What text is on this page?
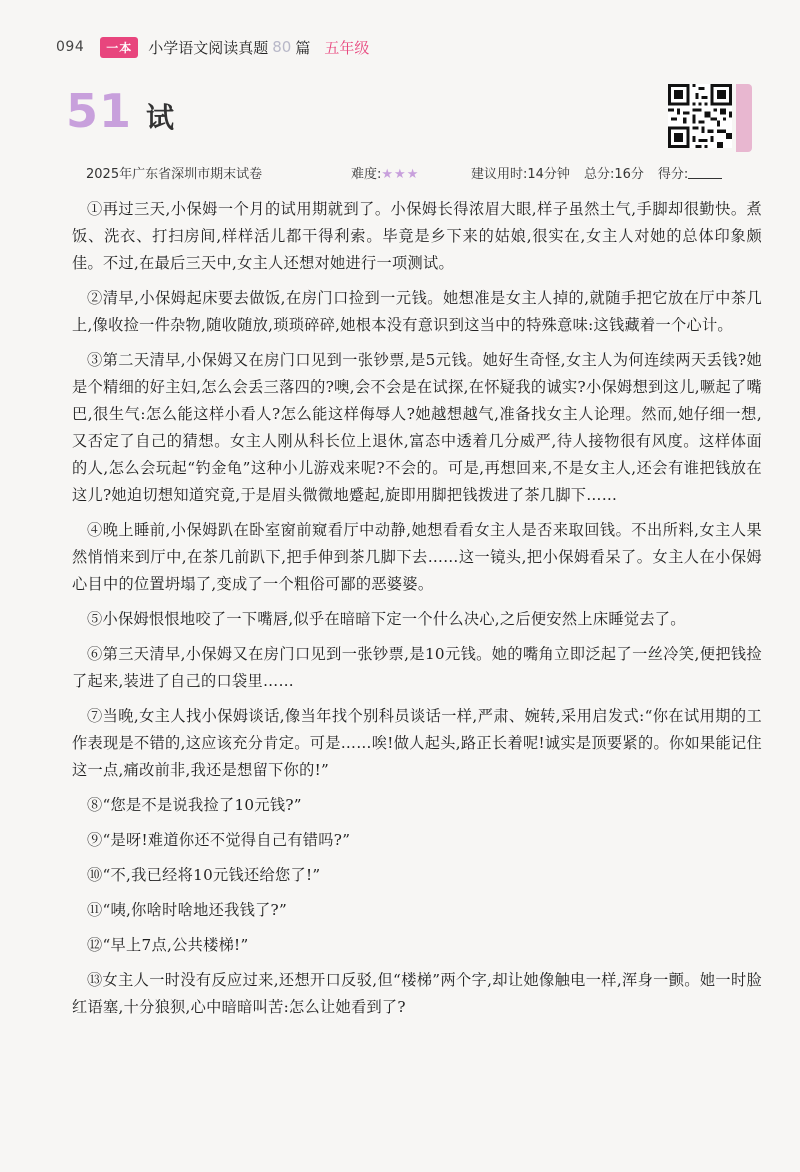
094	一本	小学语文阅读真题 80 篇 五年级
51 试
2025年广东省深圳市期末试卷	难度:★★★	建议用时:14分钟 总分:16分 得分:

①再过三天,小保姆一个月的试用期就到了。小保姆长得浓眉大眼,样子虽然土气,手脚却很勤快。煮饭、洗衣、打扫房间,样样活儿都干得利索。毕竟是乡下来的姑娘,很实在,女主人对她的总体印象颇佳。不过,在最后三天中,女主人还想对她进行一项测试。

②清早,小保姆起床要去做饭,在房门口捡到一元钱。她想准是女主人掉的,就随手把它放在厅中茶几上,像收捡一件杂物,随收随放,琐琐碎碎,她根本没有意识到这当中的特殊意味:这钱藏着一个心计。

③第二天清早,小保姆又在房门口见到一张钞票,是5元钱。她好生奇怪,女主人为何连续两天丢钱?她是个精细的好主妇,怎么会丢三落四的?噢,会不会是在试探,在怀疑我的诚实?小保姆想到这儿,噘起了嘴巴,很生气:怎么能这样小看人?怎么能这样侮辱人?她越想越气,准备找女主人论理。然而,她仔细一想,又否定了自己的猜想。女主人刚从科长位上退休,富态中透着几分威严,待人接物很有风度。这样体面的人,怎么会玩起“钓金龟”这种小儿游戏来呢?不会的。可是,再想回来,不是女主人,还会有谁把钱放在这儿?她迫切想知道究竟,于是眉头微微地蹙起,旋即用脚把钱拨进了茶几脚下……

④晚上睡前,小保姆趴在卧室窗前窥看厅中动静,她想看看女主人是否来取回钱。不出所料,女主人果然悄悄来到厅中,在茶几前趴下,把手伸到茶几脚下去……这一镜头,把小保姆看呆了。女主人在小保姆心目中的位置坍塌了,变成了一个粗俗可鄙的恶婆婆。

⑤小保姆恨恨地咬了一下嘴唇,似乎在暗暗下定一个什么决心,之后便安然上床睡觉去了。

⑥第三天清早,小保姆又在房门口见到一张钞票,是10元钱。她的嘴角立即泛起了一丝冷笑,便把钱捡了起来,装进了自己的口袋里……

⑦当晚,女主人找小保姆谈话,像当年找个别科员谈话一样,严肃、婉转,采用启发式:“你在试用期的工作表现是不错的,这应该充分肯定。可是……唉!做人起头,路正长着呢!诚实是顶要紧的。你如果能记住这一点,痛改前非,我还是想留下你的!”

⑧“您是不是说我捡了10元钱?”

⑨“是呀!难道你还不觉得自己有错吗?”

⑩“不,我已经将10元钱还给您了!”

⑪“咦,你啥时啥地还我钱了?”

⑫“早上7点,公共楼梯!”

⑬女主人一时没有反应过来,还想开口反驳,但“楼梯”两个字,却让她像触电一样,浑身一颤。她一时脸红语塞,十分狼狈,心中暗暗叫苦:怎么让她看到了?
